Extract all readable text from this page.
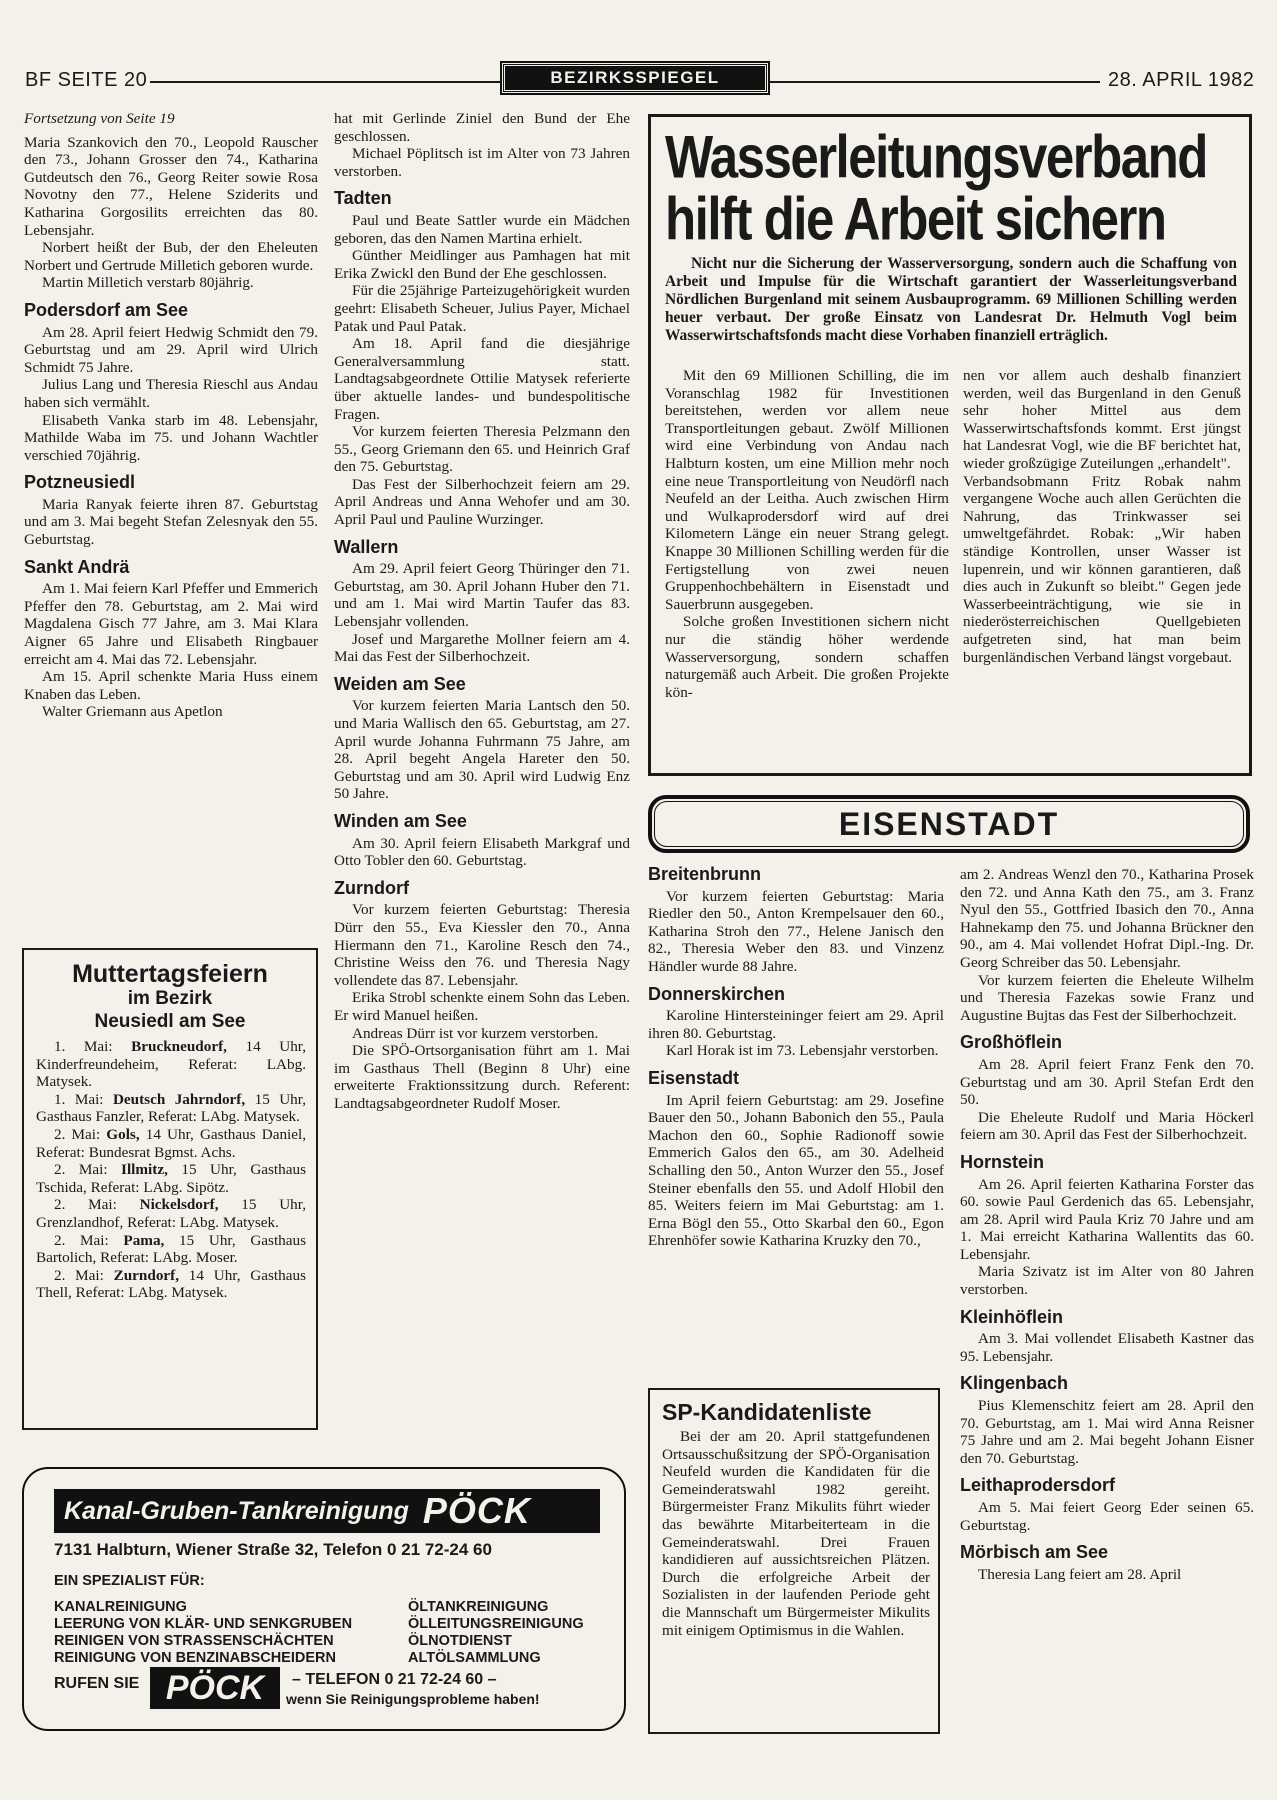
BF SEITE 20	BEZIRKSSPIEGEL	28. APRIL 1982

Fortsetzung von Seite 19

Maria Szankovich den 70., Leopold Rauscher den 73., Johann Grosser den 74., Katharina Gutdeutsch den 76., Georg Reiter sowie Rosa Novotny den 77., Helene Sziderits und Katharina Gorgosilits erreichten das 80. Lebensjahr.

Norbert heißt der Bub, der den Eheleuten Norbert und Gertrude Milletich geboren wurde.

Martin Milletich verstarb 80jährig.

Podersdorf am See

Am 28. April feiert Hedwig Schmidt den 79. Geburtstag und am 29. April wird Ulrich Schmidt 75 Jahre.

Julius Lang und Theresia Rieschl aus Andau haben sich vermählt.

Elisabeth Vanka starb im 48. Lebensjahr, Mathilde Waba im 75. und Johann Wachtler verschied 70jährig.

Potzneusiedl

Maria Ranyak feierte ihren 87. Geburtstag und am 3. Mai begeht Stefan Zelesnyak den 55. Geburtstag.

Sankt Andrä

Am 1. Mai feiern Karl Pfeffer und Emmerich Pfeffer den 78. Geburtstag, am 2. Mai wird Magdalena Gisch 77 Jahre, am 3. Mai Klara Aigner 65 Jahre und Elisabeth Ringbauer erreicht am 4. Mai das 72. Lebensjahr.

Am 15. April schenkte Maria Huss einem Knaben das Leben.

Walter Griemann aus Apetlon

Muttertagsfeiern
im Bezirk
Neusiedl am See

1. Mai: Bruckneudorf, 14 Uhr, Kinderfreundeheim, Referat: LAbg. Matysek.

1. Mai: Deutsch Jahrndorf, 15 Uhr, Gasthaus Fanzler, Referat: LAbg. Matysek.

2. Mai: Gols, 14 Uhr, Gasthaus Daniel, Referat: Bundesrat Bgmst. Achs.

2. Mai: Illmitz, 15 Uhr, Gasthaus Tschida, Referat: LAbg. Sipötz.

2. Mai: Nickelsdorf, 15 Uhr, Grenzlandhof, Referat: LAbg. Matysek.

2. Mai: Pama, 15 Uhr, Gasthaus Bartolich, Referat: LAbg. Moser.

2. Mai: Zurndorf, 14 Uhr, Gasthaus Thell, Referat: LAbg. Matysek.

hat mit Gerlinde Ziniel den Bund der Ehe geschlossen.

Michael Pöplitsch ist im Alter von 73 Jahren verstorben.

Tadten

Paul und Beate Sattler wurde ein Mädchen geboren, das den Namen Martina erhielt.

Günther Meidlinger aus Pamhagen hat mit Erika Zwickl den Bund der Ehe geschlossen.

Für die 25jährige Parteizugehörigkeit wurden geehrt: Elisabeth Scheuer, Julius Payer, Michael Patak und Paul Patak.

Am 18. April fand die diesjährige Generalversammlung statt. Landtagsabgeordnete Ottilie Matysek referierte über aktuelle landes- und bundespolitische Fragen.

Vor kurzem feierten Theresia Pelzmann den 55., Georg Griemann den 65. und Heinrich Graf den 75. Geburtstag.

Das Fest der Silberhochzeit feiern am 29. April Andreas und Anna Wehofer und am 30. April Paul und Pauline Wurzinger.

Wallern

Am 29. April feiert Georg Thüringer den 71. Geburtstag, am 30. April Johann Huber den 71. und am 1. Mai wird Martin Taufer das 83. Lebensjahr vollenden.

Josef und Margarethe Mollner feiern am 4. Mai das Fest der Silberhochzeit.

Weiden am See

Vor kurzem feierten Maria Lantsch den 50. und Maria Wallisch den 65. Geburtstag, am 27. April wurde Johanna Fuhrmann 75 Jahre, am 28. April begeht Angela Hareter den 50. Geburtstag und am 30. April wird Ludwig Enz 50 Jahre.

Winden am See

Am 30. April feiern Elisabeth Markgraf und Otto Tobler den 60. Geburtstag.

Zurndorf

Vor kurzem feierten Geburtstag: Theresia Dürr den 55., Eva Kiessler den 70., Anna Hiermann den 71., Karoline Resch den 74., Christine Weiss den 76. und Theresia Nagy vollendete das 87. Lebensjahr.

Erika Strobl schenkte einem Sohn das Leben. Er wird Manuel heißen.

Andreas Dürr ist vor kurzem verstorben.

Die SPÖ-Ortsorganisation führt am 1. Mai im Gasthaus Thell (Beginn 8 Uhr) eine erweiterte Fraktionssitzung durch. Referent: Landtagsabgeordneter Rudolf Moser.

Wasserleitungsverband
hilft die Arbeit sichern
Nicht nur die Sicherung der Wasserversorgung, sondern auch die Schaffung von Arbeit und Impulse für die Wirtschaft garantiert der Wasserleitungsverband Nördlichen Burgenland mit seinem Ausbauprogramm. 69 Millionen Schilling werden heuer verbaut. Der große Einsatz von Landesrat Dr. Helmuth Vogl beim Wasserwirtschaftsfonds macht diese Vorhaben finanziell erträglich.

Mit den 69 Millionen Schilling, die im Voranschlag 1982 für Investitionen bereitstehen, werden vor allem neue Transportleitungen gebaut. Zwölf Millionen wird eine Verbindung von Andau nach Halbturn kosten, um eine Million mehr noch eine neue Transportleitung von Neudörfl nach Neufeld an der Leitha. Auch zwischen Hirm und Wulkaprodersdorf wird auf drei Kilometern Länge ein neuer Strang gelegt. Knappe 30 Millionen Schilling werden für die Fertigstellung von zwei neuen Gruppenhochbehältern in Eisenstadt und Sauerbrunn ausgegeben.

Solche großen Investitionen sichern nicht nur die ständig höher werdende Wasserversorgung, sondern schaffen naturgemäß auch Arbeit. Die großen Projekte kön-

nen vor allem auch deshalb finanziert werden, weil das Burgenland in den Genuß sehr hoher Mittel aus dem Wasserwirtschaftsfonds kommt. Erst jüngst hat Landesrat Vogl, wie die BF berichtet hat, wieder großzügige Zuteilungen „erhandelt".

Verbandsobmann Fritz Robak nahm vergangene Woche auch allen Gerüchten die Nahrung, das Trinkwasser sei umweltgefährdet. Robak: „Wir haben ständige Kontrollen, unser Wasser ist lupenrein, und wir können garantieren, daß dies auch in Zukunft so bleibt." Gegen jede Wasserbeeinträchtigung, wie sie in niederösterreichischen Quellgebieten aufgetreten sind, hat man beim burgenländischen Verband längst vorgebaut.

EISENSTADT
Breitenbrunn

Vor kurzem feierten Geburtstag: Maria Riedler den 50., Anton Krempelsauer den 60., Katharina Stroh den 77., Helene Janisch den 82., Theresia Weber den 83. und Vinzenz Händler wurde 88 Jahre.

Donnerskirchen

Karoline Hintersteininger feiert am 29. April ihren 80. Geburtstag.

Karl Horak ist im 73. Lebensjahr verstorben.

Eisenstadt

Im April feiern Geburtstag: am 29. Josefine Bauer den 50., Johann Babonich den 55., Paula Machon den 60., Sophie Radionoff sowie Emmerich Galos den 65., am 30. Adelheid Schalling den 50., Anton Wurzer den 55., Josef Steiner ebenfalls den 55. und Adolf Hlobil den 85. Weiters feiern im Mai Geburtstag: am 1. Erna Bögl den 55., Otto Skarbal den 60., Egon Ehrenhöfer sowie Katharina Kruzky den 70.,

SP-Kandidatenliste

Bei der am 20. April stattgefundenen Ortsausschußsitzung der SPÖ-Organisation Neufeld wurden die Kandidaten für die Gemeinderatswahl 1982 gereiht. Bürgermeister Franz Mikulits führt wieder das bewährte Mitarbeiterteam in die Gemeinderatswahl. Drei Frauen kandidieren auf aussichtsreichen Plätzen. Durch die erfolgreiche Arbeit der Sozialisten in der laufenden Periode geht die Mannschaft um Bürgermeister Mikulits mit einigem Optimismus in die Wahlen.

am 2. Andreas Wenzl den 70., Katharina Prosek den 72. und Anna Kath den 75., am 3. Franz Nyul den 55., Gottfried Ibasich den 70., Anna Hahnekamp den 75. und Johanna Brückner den 90., am 4. Mai vollendet Hofrat Dipl.-Ing. Dr. Georg Schreiber das 50. Lebensjahr.

Vor kurzem feierten die Eheleute Wilhelm und Theresia Fazekas sowie Franz und Augustine Bujtas das Fest der Silberhochzeit.

Großhöflein

Am 28. April feiert Franz Fenk den 70. Geburtstag und am 30. April Stefan Erdt den 50.

Die Eheleute Rudolf und Maria Höckerl feiern am 30. April das Fest der Silberhochzeit.

Hornstein

Am 26. April feierten Katharina Forster das 60. sowie Paul Gerdenich das 65. Lebensjahr, am 28. April wird Paula Kriz 70 Jahre und am 1. Mai erreicht Katharina Wallentits das 60. Lebensjahr.

Maria Szivatz ist im Alter von 80 Jahren verstorben.

Kleinhöflein

Am 3. Mai vollendet Elisabeth Kastner das 95. Lebensjahr.

Klingenbach

Pius Klemenschitz feiert am 28. April den 70. Geburtstag, am 1. Mai wird Anna Reisner 75 Jahre und am 2. Mai begeht Johann Eisner den 70. Geburtstag.

Leithaprodersdorf

Am 5. Mai feiert Georg Eder seinen 65. Geburtstag.

Mörbisch am See

Theresia Lang feiert am 28. April

Kanal-Gruben-Tankreinigung PÖCK
7131 Halbturn, Wiener Straße 32, Telefon 0 21 72-24 60
EIN SPEZIALIST FÜR:
KANALREINIGUNG
LEERUNG VON KLÄR- UND SENKGRUBEN
REINIGEN VON STRASSENSCHÄCHTEN
REINIGUNG VON BENZINABSCHEIDERN
ÖLTANKREINIGUNG
ÖLLEITUNGSREINIGUNG
ÖLNOTDIENST
ALTÖLSAMMLUNG
RUFEN SIE PÖCK	– TELEFON 0 21 72-24 60 –
wenn Sie Reinigungsprobleme haben!
